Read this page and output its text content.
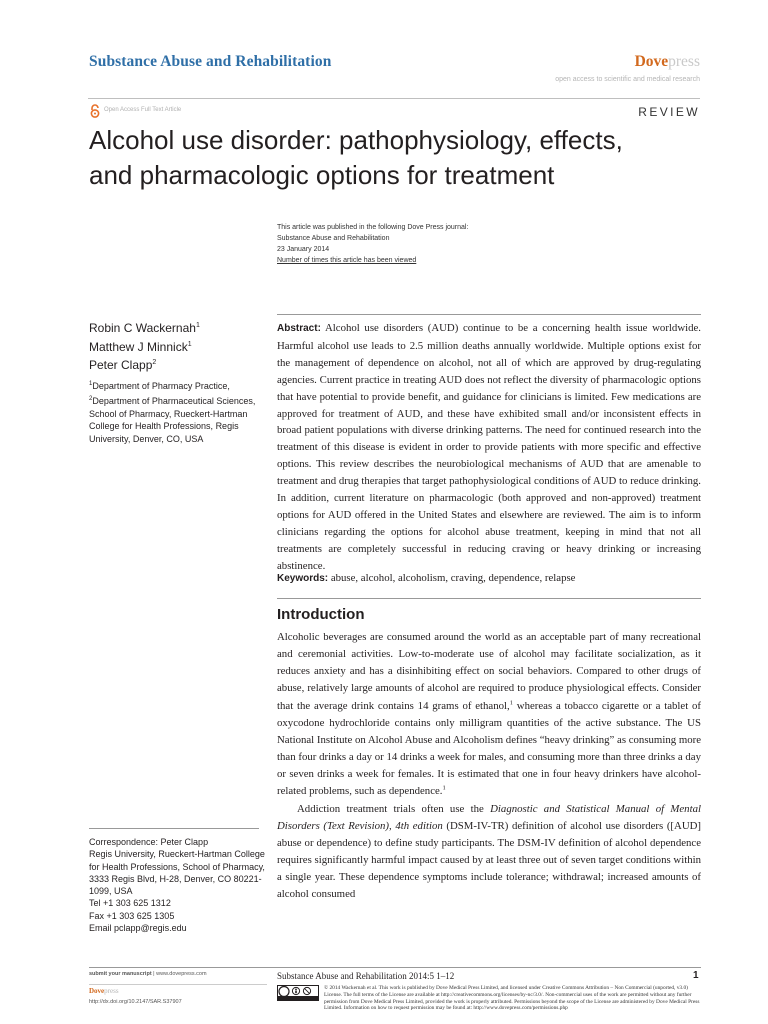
Substance Abuse and Rehabilitation	Dovepress
open access to scientific and medical research
Open Access Full Text Article	REVIEW
Alcohol use disorder: pathophysiology, effects,
and pharmacologic options for treatment
This article was published in the following Dove Press journal:
Substance Abuse and Rehabilitation
23 January 2014
Number of times this article has been viewed
Robin C Wackernah$^1$
Matthew J Minnick$^1$
Peter Clapp$^2$
$^1$Department of Pharmacy Practice,
$^2$Department of Pharmaceutical Sciences, School of Pharmacy, Rueckert-Hartman College for Health Professions, Regis University, Denver, CO, USA
Correspondence: Peter Clapp
Regis University, Rueckert-Hartman College for Health Professions, School of Pharmacy, 3333 Regis Blvd, H-28, Denver, CO 80221-1099, USA
Tel +1 303 625 1312
Fax +1 303 625 1305
Email pclapp@regis.edu
Abstract: Alcohol use disorders (AUD) continue to be a concerning health issue worldwide. Harmful alcohol use leads to 2.5 million deaths annually worldwide. Multiple options exist for the management of dependence on alcohol, not all of which are approved by drug-regulating agencies. Current practice in treating AUD does not reflect the diversity of pharmacologic options that have potential to provide benefit, and guidance for clinicians is limited. Few medications are approved for treatment of AUD, and these have exhibited small and/or inconsistent effects in broad patient populations with diverse drinking patterns. The need for continued research into the treatment of this disease is evident in order to provide patients with more specific and effective options. This review describes the neurobiological mechanisms of AUD that are amenable to treatment and drug therapies that target pathophysiological conditions of AUD to reduce drinking. In addition, current literature on pharmacologic (both approved and non-approved) treatment options for AUD offered in the United States and elsewhere are reviewed. The aim is to inform clinicians regarding the options for alcohol abuse treatment, keeping in mind that not all treatments are completely successful in reducing craving or heavy drinking or increasing abstinence.
Keywords: abuse, alcohol, alcoholism, craving, dependence, relapse
Introduction

Alcoholic beverages are consumed around the world as an acceptable part of many recreational and ceremonial activities. Low-to-moderate use of alcohol may facilitate socialization, as it reduces anxiety and has a disinhibiting effect on social behaviors. Compared to other drugs of abuse, relatively large amounts of alcohol are required to produce physiological effects. Consider that the average drink contains 14 grams of ethanol,$^1$ whereas a tobacco cigarette or a tablet of oxycodone hydrochloride contains only milligram quantities of the active substance. The US National Institute on Alcohol Abuse and Alcoholism defines “heavy drinking” as consuming more than four drinks a day or 14 drinks a week for males, and consuming more than three drinks a day or seven drinks a week for females. It is estimated that one in four heavy drinkers have alcohol-related problems, such as dependence.$^1$

Addiction treatment trials often use the Diagnostic and Statistical Manual of Mental Disorders (Text Revision), 4th edition (DSM-IV-TR) definition of alcohol use disorders ([AUD] abuse or dependence) to define study participants. The DSM-IV definition of alcohol dependence requires significantly harmful impact caused by at least three out of seven target conditions within a single year. These dependence symptoms include tolerance; withdrawal; increased amounts of alcohol consumed

submit your manuscript | www.dovepress.com
Dovepress
http://dx.doi.org/10.2147/SAR.S37907
Substance Abuse and Rehabilitation 2014:5 1–12	1
© 2014 Wackernah et al. This work is published by Dove Medical Press Limited, and licensed under Creative Commons Attribution – Non Commercial (unported, v3.0) License. The full terms of the License are available at http://creativecommons.org/licenses/by-nc/3.0/. Non-commercial uses of the work are permitted without any further permission from Dove Medical Press Limited, provided the work is properly attributed. Permissions beyond the scope of the License are administered by Dove Medical Press Limited. Information on how to request permission may be found at: http://www.dovepress.com/permissions.php
